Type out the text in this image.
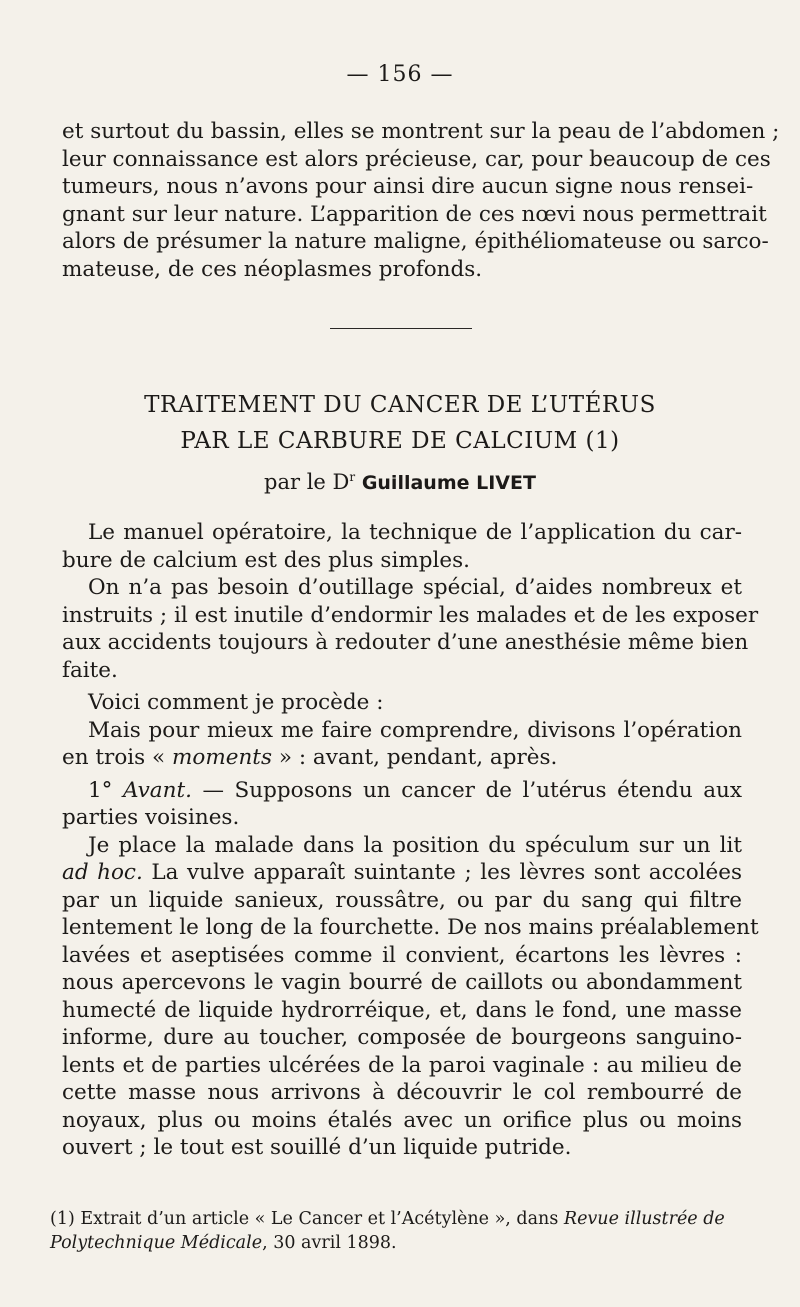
— 156 —
et surtout du bassin, elles se montrent sur la peau de l’abdomen ;
leur connaissance est alors précieuse, car, pour beaucoup de ces
tumeurs, nous n’avons pour ainsi dire aucun signe nous rensei-
gnant sur leur nature. L’apparition de ces nœvi nous permettrait
alors de présumer la nature maligne, épithéliomateuse ou sarco-
mateuse, de ces néoplasmes profonds.
TRAITEMENT DU CANCER DE L’UTÉRUS
PAR LE CARBURE DE CALCIUM (1)
par le $D^r$ Guillaume LIVET
Le manuel opératoire, la technique de l’application du car-
bure de calcium est des plus simples.
On n’a pas besoin d’outillage spécial, d’aides nombreux et
instruits ; il est inutile d’endormir les malades et de les exposer
aux accidents toujours à redouter d’une anesthésie même bien
faite.
Voici comment je procède :
Mais pour mieux me faire comprendre, divisons l’opération
en trois « moments » : avant, pendant, après.
1° Avant. — Supposons un cancer de l’utérus étendu aux
parties voisines.
Je place la malade dans la position du spéculum sur un lit
ad hoc. La vulve apparaît suintante ; les lèvres sont accolées
par un liquide sanieux, roussâtre, ou par du sang qui filtre
lentement le long de la fourchette. De nos mains préalablement
lavées et aseptisées comme il convient, écartons les lèvres :
nous apercevons le vagin bourré de caillots ou abondamment
humecté de liquide hydrorréique, et, dans le fond, une masse
informe, dure au toucher, composée de bourgeons sanguino-
lents et de parties ulcérées de la paroi vaginale : au milieu de
cette masse nous arrivons à découvrir le col rembourré de
noyaux, plus ou moins étalés avec un orifice plus ou moins
ouvert ; le tout est souillé d’un liquide putride.
(1) Extrait d’un article « Le Cancer et l’Acétylène », dans Revue illustrée de
Polytechnique Médicale, 30 avril 1898.
